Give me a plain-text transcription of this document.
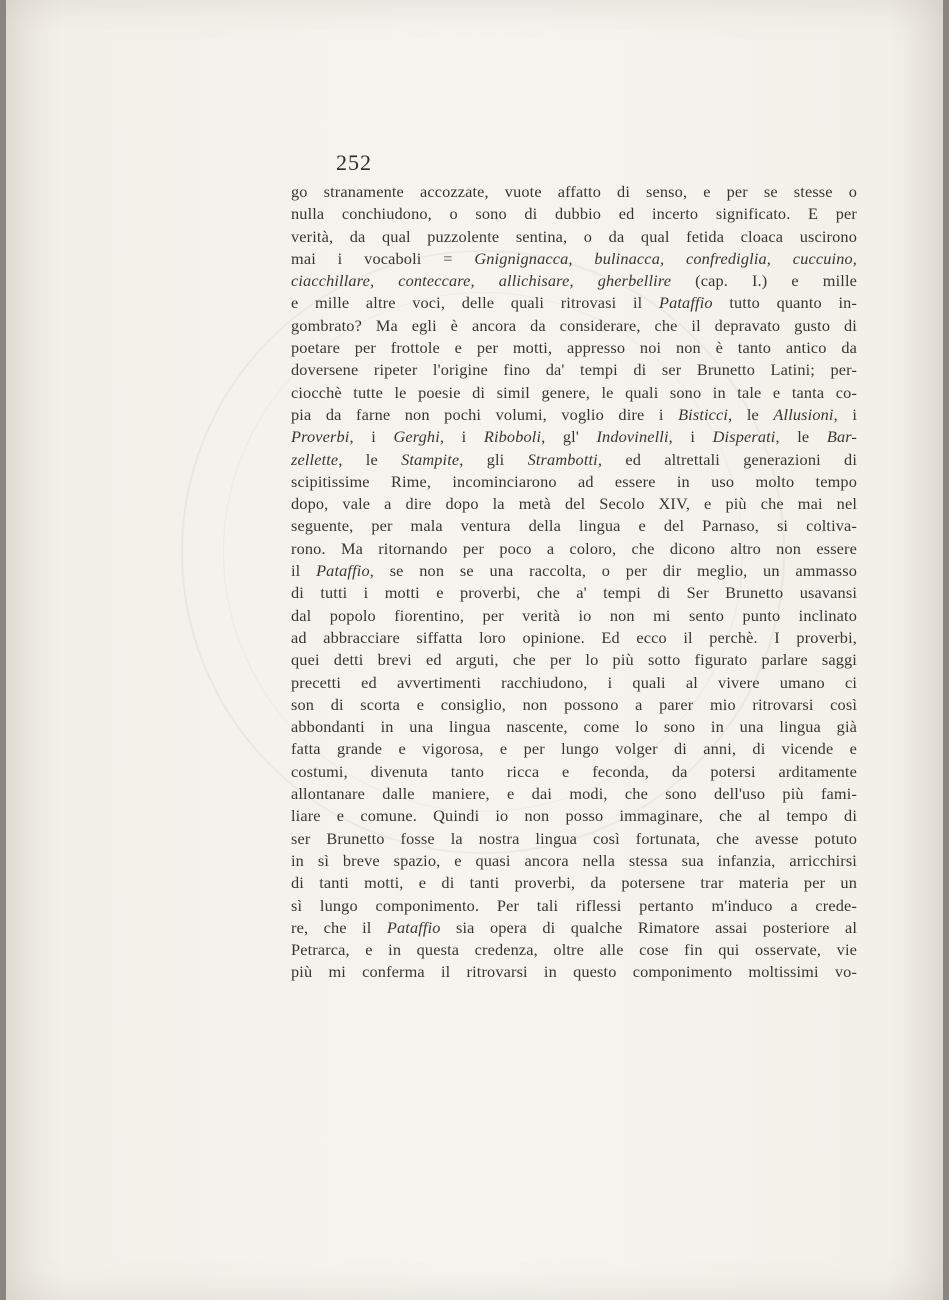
252
go stranamente accozzate, vuote affatto di senso, e per se stesse o
nulla conchiudono, o sono di dubbio ed incerto significato. E per
verità, da qual puzzolente sentina, o da qual fetida cloaca uscirono
mai i vocaboli = Gnignignacca, bulinacca, confrediglia, cuccuino,
ciacchillare, conteccare, allichisare, gherbellire (cap. I.) e mille
e mille altre voci, delle quali ritrovasi il Pataffio tutto quanto in-
gombrato? Ma egli è ancora da considerare, che il depravato gusto di
poetare per frottole e per motti, appresso noi non è tanto antico da
doversene ripeter l'origine fino da' tempi di ser Brunetto Latini; per-
ciocchè tutte le poesie di simil genere, le quali sono in tale e tanta co-
pia da farne non pochi volumi, voglio dire i Bisticci, le Allusioni, i
Proverbi, i Gerghi, i Riboboli, gl' Indovinelli, i Disperati, le Bar-
zellette, le Stampite, gli Strambotti, ed altrettali generazioni di
scipitissime Rime, incominciarono ad essere in uso molto tempo
dopo, vale a dire dopo la metà del Secolo XIV, e più che mai nel
seguente, per mala ventura della lingua e del Parnaso, si coltiva-
rono. Ma ritornando per poco a coloro, che dicono altro non essere
il Pataffio, se non se una raccolta, o per dir meglio, un ammasso
di tutti i motti e proverbi, che a' tempi di Ser Brunetto usavansi
dal popolo fiorentino, per verità io non mi sento punto inclinato
ad abbracciare siffatta loro opinione. Ed ecco il perchè. I proverbi,
quei detti brevi ed arguti, che per lo più sotto figurato parlare saggi
precetti ed avvertimenti racchiudono, i quali al vivere umano ci
son di scorta e consiglio, non possono a parer mio ritrovarsi così
abbondanti in una lingua nascente, come lo sono in una lingua già
fatta grande e vigorosa, e per lungo volger di anni, di vicende e
costumi, divenuta tanto ricca e feconda, da potersi arditamente
allontanare dalle maniere, e dai modi, che sono dell'uso più fami-
liare e comune. Quindi io non posso immaginare, che al tempo di
ser Brunetto fosse la nostra lingua così fortunata, che avesse potuto
in sì breve spazio, e quasi ancora nella stessa sua infanzia, arricchirsi
di tanti motti, e di tanti proverbi, da potersene trar materia per un
sì lungo componimento. Per tali riflessi pertanto m'induco a crede-
re, che il Pataffio sia opera di qualche Rimatore assai posteriore al
Petrarca, e in questa credenza, oltre alle cose fin qui osservate, vie
più mi conferma il ritrovarsi in questo componimento moltissimi vo-
